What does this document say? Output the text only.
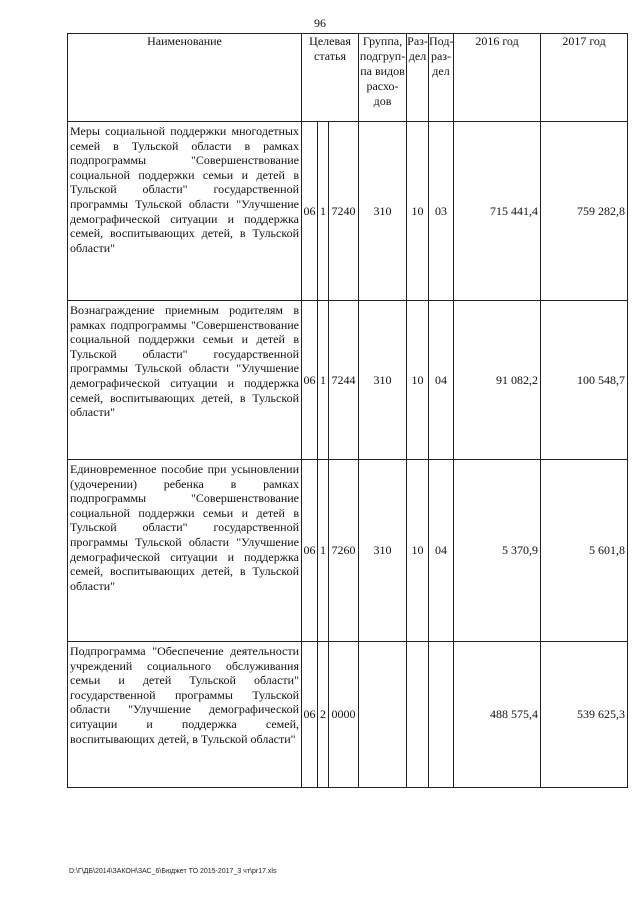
96
Наименование	Целевая статья			Группа, подгруп-па видов расхо-дов	Раз-дел	Под-раз-дел	2016 год	2017 год
Меры социальной поддержки многодетных семей в Тульской области в рамках подпрограммы "Совершенствование социальной поддержки семьи и детей в Тульской области" государственной программы Тульской области "Улучшение демографической ситуации и поддержка семей, воспитывающих детей, в Тульской области"	06	1	7240	310	10	03	715 441,4	759 282,8
Вознаграждение приемным родителям в рамках подпрограммы "Совершенствование социальной поддержки семьи и детей в Тульской области" государственной программы Тульской области "Улучшение демографической ситуации и поддержка семей, воспитывающих детей, в Тульской области"	06	1	7244	310	10	04	91 082,2	100 548,7
Единовременное пособие при усыновлении (удочерении) ребенка в рамках подпрограммы "Совершенствование социальной поддержки семьи и детей в Тульской области" государственной программы Тульской области "Улучшение демографической ситуации и поддержка семей, воспитывающих детей, в Тульской области"	06	1	7260	310	10	04	5 370,9	5 601,8
Подпрограмма "Обеспечение деятельности учреждений социального обслуживания семьи и детей Тульской области" государственной программы Тульской области "Улучшение демографической ситуации и поддержка семей, воспитывающих детей, в Тульской области"	06	2	0000				488 575,4	539 625,3
D:\Г\ДБ\2014\ЗАКОН\ЗАС_6\Бюджет ТО 2015-2017_3 чт\pr17.xls
